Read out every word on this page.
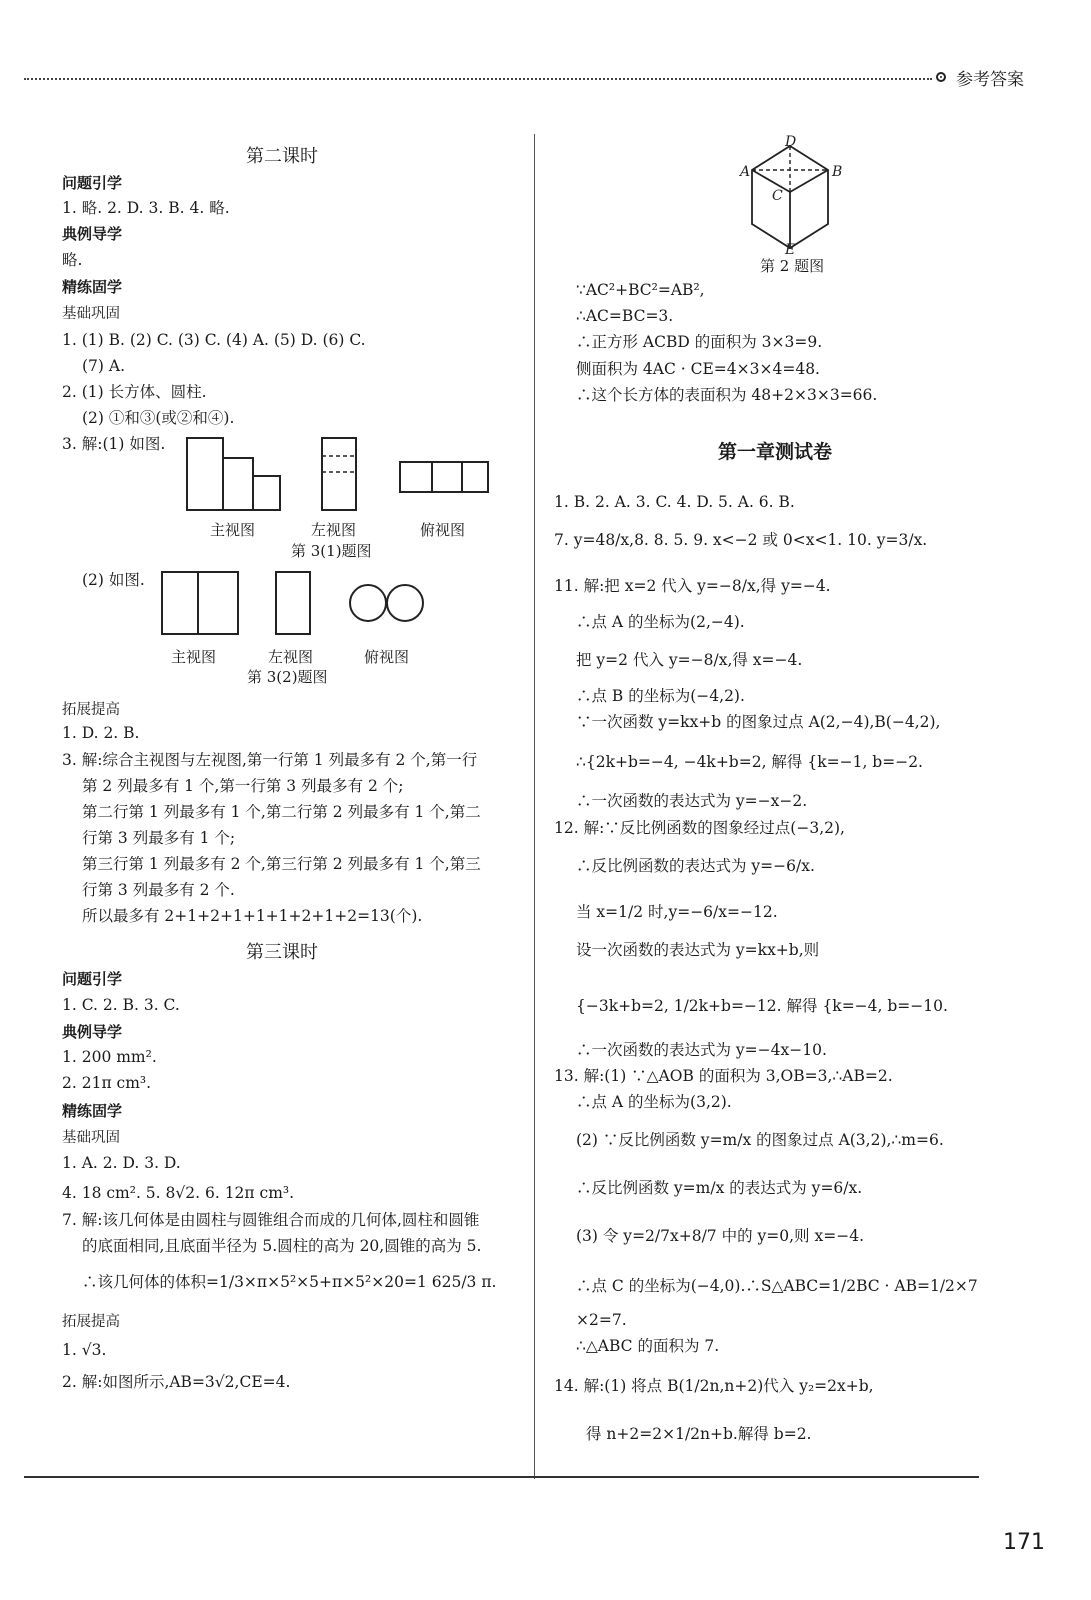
参考答案
第二课时
问题引学
1. 略. 2. D. 3. B. 4. 略.
典例导学
略.
精练固学
基础巩固
1. (1) B. (2) C. (3) C. (4) A. (5) D. (6) C.
(7) A.
2. (1) 长方体、圆柱.
(2) ①和③(或②和④).
3. 解:(1) 如图.
主视图	左视图	俯视图
第 3(1)题图
(2) 如图.
主视图	左视图	俯视图
第 3(2)题图
拓展提高
1. D. 2. B.
3. 解:综合主视图与左视图,第一行第 1 列最多有 2 个,第一行
第 2 列最多有 1 个,第一行第 3 列最多有 2 个;
第二行第 1 列最多有 1 个,第二行第 2 列最多有 1 个,第二
行第 3 列最多有 1 个;
第三行第 1 列最多有 2 个,第三行第 2 列最多有 1 个,第三
行第 3 列最多有 2 个.
所以最多有 2+1+2+1+1+1+2+1+2=13(个).
第三课时
问题引学
1. C. 2. B. 3. C.
典例导学
1. 200 mm².
2. 21π cm³.
精练固学
基础巩固
1. A. 2. D. 3. D.
4. 18 cm². 5. 8√2. 6. 12π cm³.
7. 解:该几何体是由圆柱与圆锥组合而成的几何体,圆柱和圆锥
的底面相同,且底面半径为 5.圆柱的高为 20,圆锥的高为 5.
∴该几何体的体积=1/3×π×5²×5+π×5²×20=1 625/3 π.
拓展提高
1. √3.
2. 解:如图所示,AB=3√2,CE=4.
D
A	B
C
E
第 2 题图
∵AC²+BC²=AB²,
∴AC=BC=3.
∴正方形 ACBD 的面积为 3×3=9.
侧面积为 4AC · CE=4×3×4=48.
∴这个长方体的表面积为 48+2×3×3=66.
第一章测试卷
1. B. 2. A. 3. C. 4. D. 5. A. 6. B.
7. y=48/x,8. 8. 5. 9. x<−2 或 0<x<1. 10. y=3/x.
11. 解:把 x=2 代入 y=−8/x,得 y=−4.
∴点 A 的坐标为(2,−4).
把 y=2 代入 y=−8/x,得 x=−4.
∴点 B 的坐标为(−4,2).
∵一次函数 y=kx+b 的图象过点 A(2,−4),B(−4,2),
∴{2k+b=−4, −4k+b=2, 解得 {k=−1, b=−2.
∴一次函数的表达式为 y=−x−2.
12. 解:∵反比例函数的图象经过点(−3,2),
∴反比例函数的表达式为 y=−6/x.
当 x=1/2 时,y=−6/x=−12.
设一次函数的表达式为 y=kx+b,则
{−3k+b=2, 1/2k+b=−12. 解得 {k=−4, b=−10.
∴一次函数的表达式为 y=−4x−10.
13. 解:(1) ∵△AOB 的面积为 3,OB=3,∴AB=2.
∴点 A 的坐标为(3,2).
(2) ∵反比例函数 y=m/x 的图象过点 A(3,2),∴m=6.
∴反比例函数 y=m/x 的表达式为 y=6/x.
(3) 令 y=2/7x+8/7 中的 y=0,则 x=−4.
∴点 C 的坐标为(−4,0).∴S△ABC=1/2BC · AB=1/2×7
×2=7.
∴△ABC 的面积为 7.
14. 解:(1) 将点 B(1/2n,n+2)代入 y₂=2x+b,
得 n+2=2×1/2n+b.解得 b=2.
171
